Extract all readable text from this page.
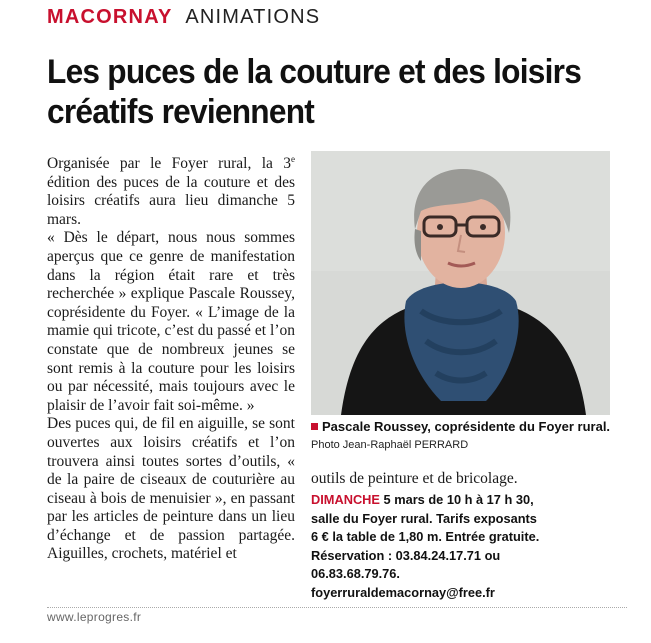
MACORNAY ANIMATIONS
Les puces de la couture et des loisirs créatifs reviennent

Organisée par le Foyer rural, la 3e édition des puces de la couture et des loisirs créatifs aura lieu dimanche 5 mars.

« Dès le départ, nous nous sommes aperçus que ce genre de manifestation dans la région était rare et très recherchée » explique Pascale Roussey, coprésidente du Foyer. « L’image de la mamie qui tricote, c’est du passé et l’on constate que de nombreux jeunes se sont remis à la couture pour les loisirs ou par nécessité, mais toujours avec le plaisir de l’avoir fait soi-même. »

Des puces qui, de fil en aiguille, se sont ouvertes aux loisirs créatifs et l’on trouvera ainsi toutes sortes d’outils, « de la paire de ciseaux de couturière au ciseau à bois de menuisier », en passant par les articles de peinture dans un lieu d’échange et de passion partagée. Aiguilles, crochets, matériel et

Pascale Roussey, coprésidente du Foyer rural. Photo Jean-Raphaël PERRARD
outils de peinture et de bricolage.
DIMANCHE 5 mars de 10 h à 17 h 30,
salle du Foyer rural. Tarifs exposants
6 € la table de 1,80 m. Entrée gratuite.
Réservation : 03.84.24.17.71 ou
06.83.68.79.76.
foyerruraldemacornay@free.fr
www.leprogres.fr
